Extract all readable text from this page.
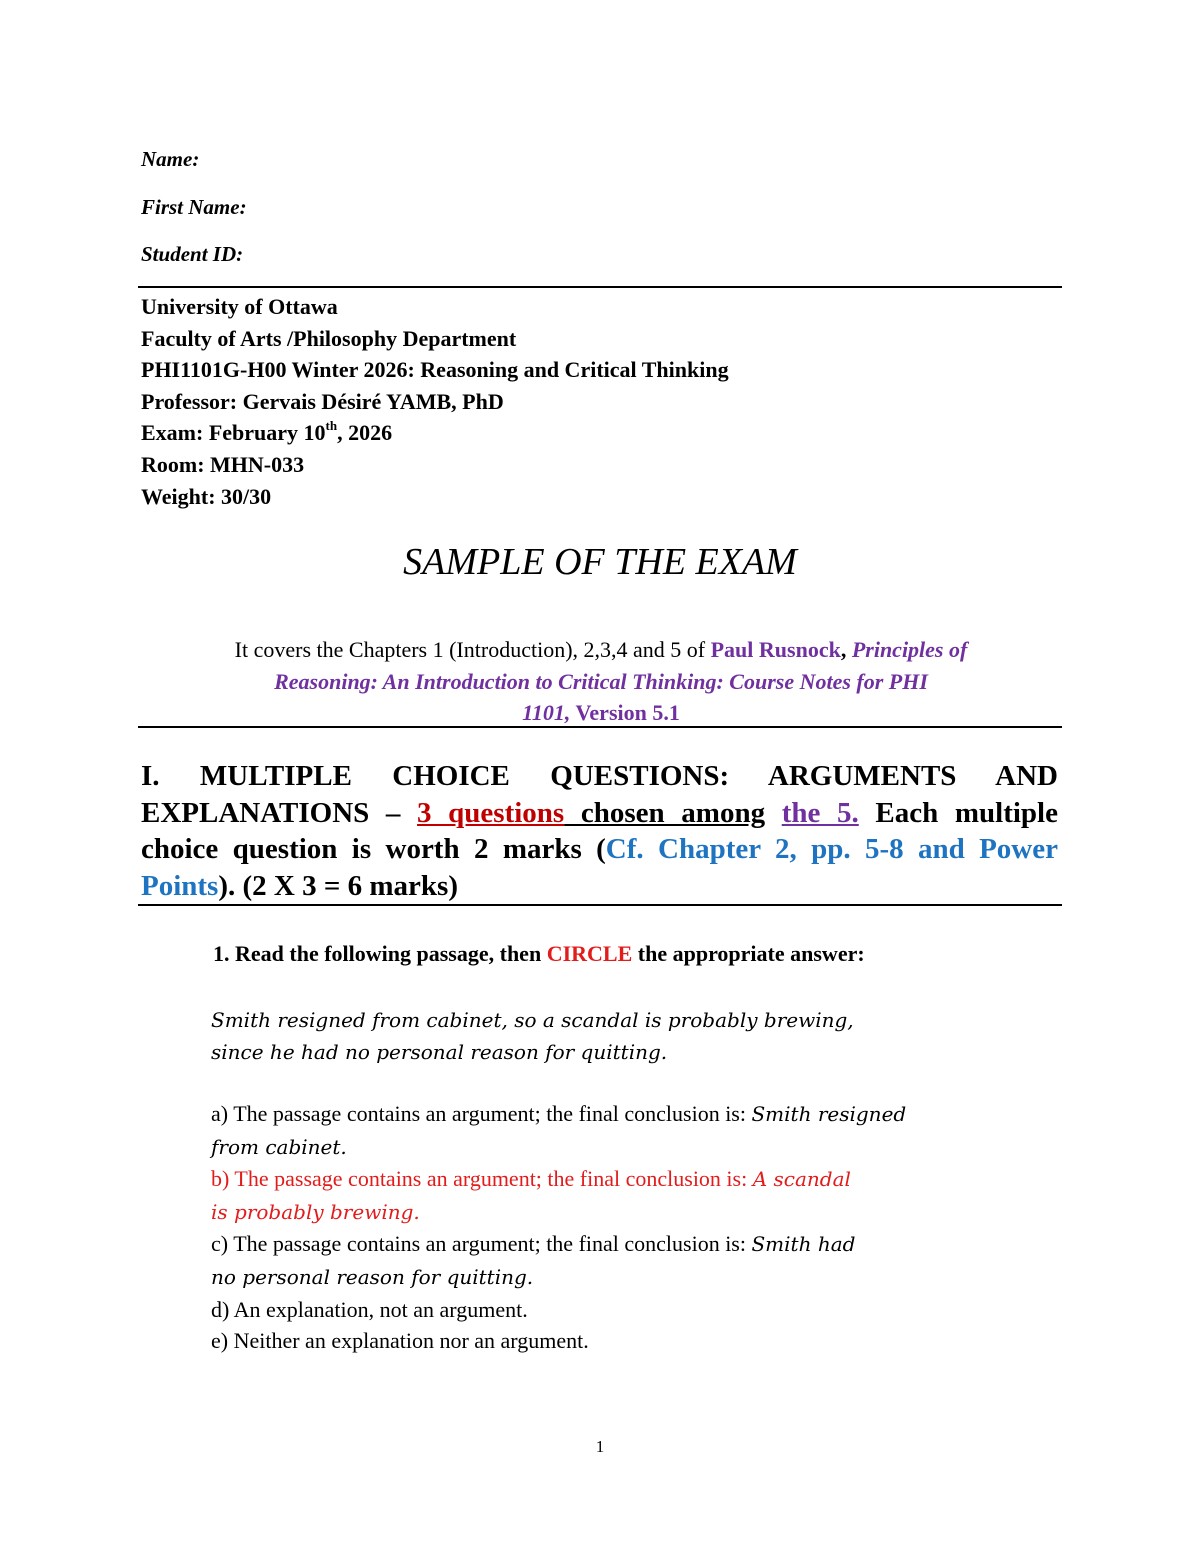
Name:

First Name:

Student ID:

University of Ottawa
Faculty of Arts /Philosophy Department
PHI1101G-H00 Winter 2026: Reasoning and Critical Thinking
Professor: Gervais Désiré YAMB, PhD
Exam: February 10th, 2026
Room: MHN-033
Weight: 30/30
SAMPLE OF THE EXAM
It covers the Chapters 1 (Introduction), 2,3,4 and 5 of Paul Rusnock, Principles of
Reasoning: An Introduction to Critical Thinking: Course Notes for PHI
1101, Version 5.1

I. MULTIPLE CHOICE QUESTIONS: ARGUMENTS AND EXPLANATIONS – 3 questions chosen among the 5. Each multiple choice question is worth 2 marks (Cf. Chapter 2, pp. 5-8 and Power Points). (2 X 3 = 6 marks)

1. Read the following passage, then CIRCLE the appropriate answer:

Smith resigned from cabinet, so a scandal is probably brewing,
since he had no personal reason for quitting.
a) The passage contains an argument; the final conclusion is: Smith resigned
from cabinet.
b) The passage contains an argument; the final conclusion is: A scandal
is probably brewing.
c) The passage contains an argument; the final conclusion is: Smith had
no personal reason for quitting.
d) An explanation, not an argument.
e) Neither an explanation nor an argument.
1
